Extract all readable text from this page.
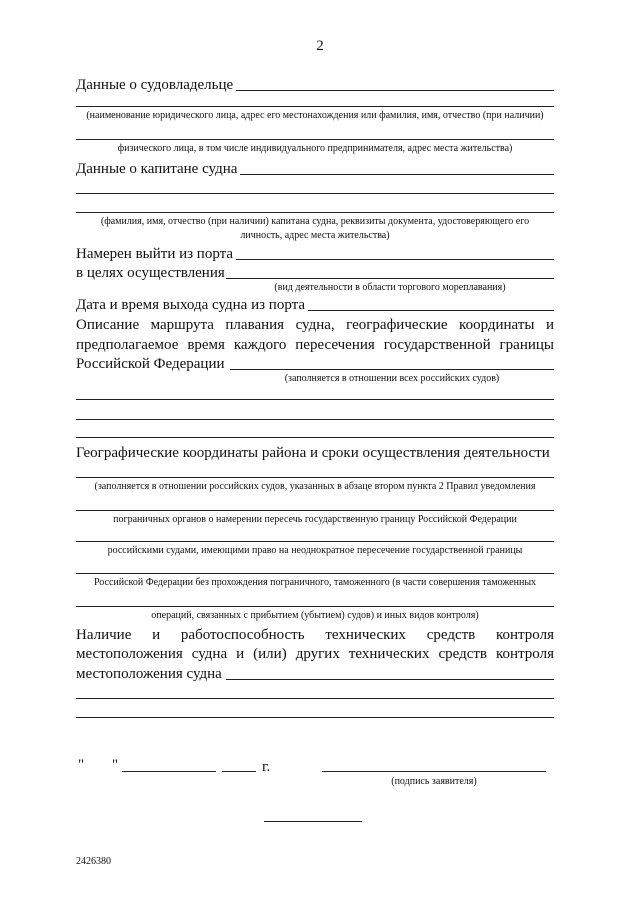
2
Данные о судовладельце
(наименование юридического лица, адрес его местонахождения или фамилия, имя, отчество (при наличии)
физического лица, в том числе индивидуального предпринимателя, адрес места жительства)
Данные о капитане судна
(фамилия, имя, отчество (при наличии) капитана судна, реквизиты документа, удостоверяющего его
личность, адрес места жительства)
Намерен выйти из порта
в целях осуществления
(вид деятельности в области торгового мореплавания)
Дата и время выхода судна из порта
Описание маршрута плавания судна, географические координаты и
предполагаемое время каждого пересечения государственной границы
Российской Федерации
(заполняется в отношении всех российских судов)
Географические координаты района и сроки осуществления деятельности
(заполняется в отношении российских судов, указанных в абзаце втором пункта 2 Правил уведомления
пограничных органов о намерении пересечь государственную границу Российской Федерации
российскими судами, имеющими право на неоднократное пересечение государственной границы
Российской Федерации без прохождения пограничного, таможенного (в части совершения таможенных
операций, связанных с прибытием (убытием) судов) и иных видов контроля)
Наличие и работоспособность технических средств контроля
местоположения судна и (или) других технических средств контроля
местоположения судна
" "	г.
(подпись заявителя)
2426380
